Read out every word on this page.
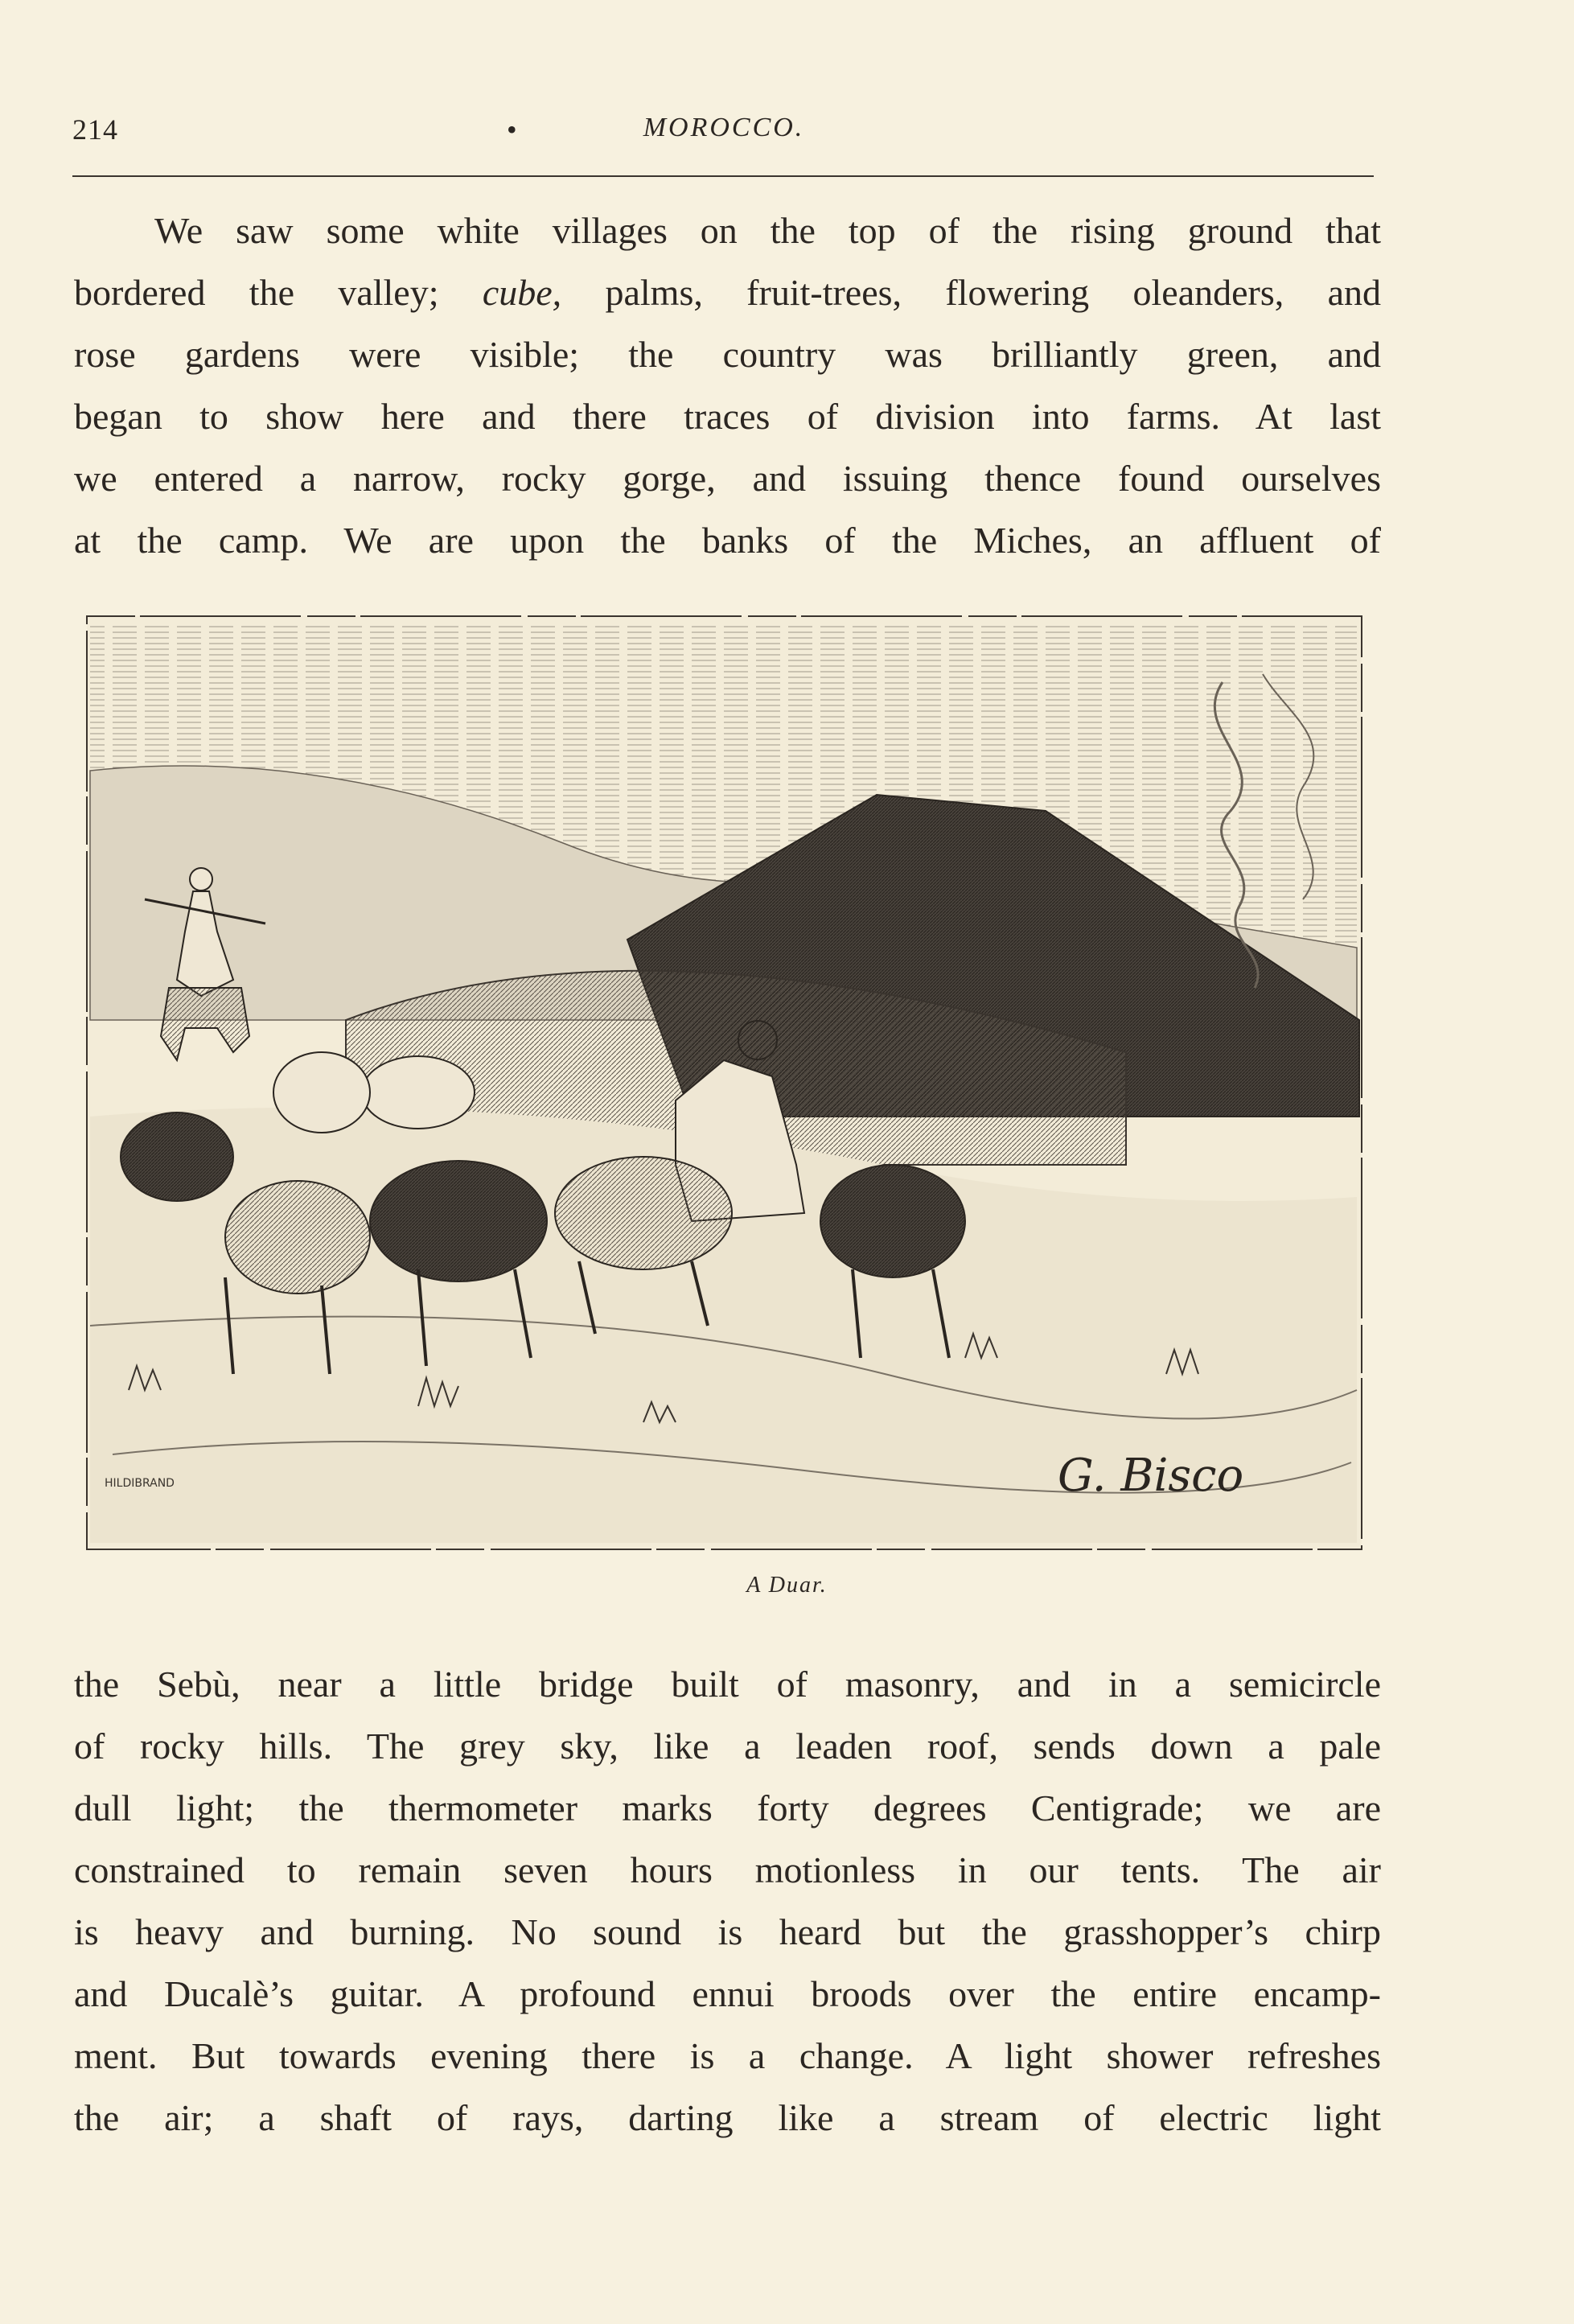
214	•	MOROCCO.
We saw some white villages on the top of the rising ground that
bordered the valley; cube, palms, fruit-trees, flowering oleanders, and
rose gardens were visible; the country was brilliantly green, and
began to show here and there traces of division into farms. At last
we entered a narrow, rocky gorge, and issuing thence found ourselves
at the camp. We are upon the banks of the Miches, an affluent of
G. Bisco
HILDIBRAND
A Duar.
the Sebù, near a little bridge built of masonry, and in a semicircle
of rocky hills. The grey sky, like a leaden roof, sends down a pale
dull light; the thermometer marks forty degrees Centigrade; we are
constrained to remain seven hours motionless in our tents. The air
is heavy and burning. No sound is heard but the grasshopper’s chirp
and Ducalè’s guitar. A profound ennui broods over the entire encamp-
ment. But towards evening there is a change. A light shower refreshes
the air; a shaft of rays, darting like a stream of electric light
